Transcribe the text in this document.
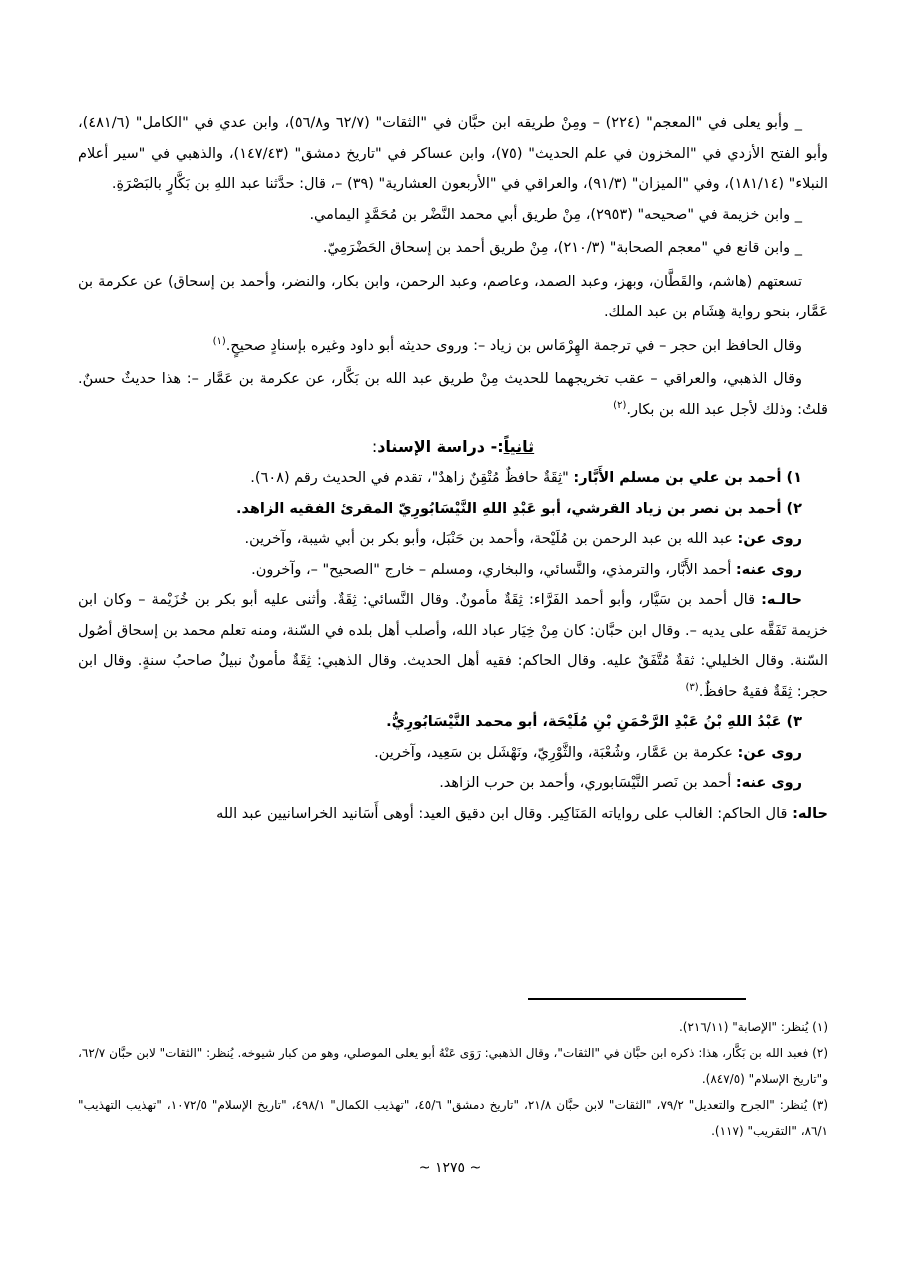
_ وأبو يعلى في "المعجم" (٢٢٤) – ومِنْ طريقه ابن حبَّان في "الثقات" (٦٢/٧ و٥٦/٨)، وابن عدي في "الكامل" (٤٨١/٦)، وأبو الفتح الأزدي في "المخزون في علم الحديث" (٧٥)، وابن عساكر في "تاريخ دمشق" (١٤٧/٤٣)، والذهبي في "سير أعلام النبلاء" (١٨١/١٤)، وفي "الميزان" (٩١/٣)، والعراقي في "الأربعون العشارية" (٣٩) –، قال: حدَّثنا عبد اللهِ بن بَكَّارٍ بالبَصْرَةِ.

_ وابن خزيمة في "صحيحه" (٢٩٥٣)، مِنْ طريق أبي محمد النَّضْر بن مُحَمَّدٍ اليمامي.

_ وابن قانع في "معجم الصحابة" (٢١٠/٣)، مِنْ طريق أحمد بن إسحاق الحَضْرَمِيّ.

تسعتهم (هاشم، والقَطَّان، وبهز، وعبد الصمد، وعاصم، وعبد الرحمن، وابن بكار، والنضر، وأحمد بن إسحاق) عن عكرمة بن عَمَّار، بنحو رواية هِشَام بن عبد الملك.

وقال الحافظ ابن حجر – في ترجمة الهِرْمَاس بن زياد –: وروى حديثه أبو داود وغيره بإسنادٍ صحيحٍ.$^{(١)}$

وقال الذهبي، والعراقي – عقب تخريجهما للحديث مِنْ طريق عبد الله بن بَكَّار، عن عكرمة بن عَمَّار –: هذا حديثٌ حسنٌ. قلتُ: وذلك لأجل عبد الله بن بكار.$^{(٢)}$

ثانياً:- دراسة الإسناد:

١) أحمد بن علي بن مسلم الأَبَّار: "ثِقَةٌ حافظٌ مُتْقِنٌ زاهدٌ"، تقدم في الحديث رقم (٦٠٨).

٢) أحمد بن نصر بن زياد القرشي، أبو عَبْدِ اللهِ النَّيْسَابُورِيّ المقرئ الفقيه الزاهد.

روى عن: عبد الله بن عبد الرحمن بن مُلَيْحة، وأحمد بن حَنْبَل، وأبو بكر بن أبي شيبة، وآخرين.

روى عنه: أحمد الأَبَّار، والترمذي، والنَّسائي، والبخاري، ومسلم – خارج "الصحيح" –، وآخرون.

حالـه: قال أحمد بن سَيَّار، وأبو أحمد الفَرَّاء: ثِقَةٌ مأمونٌ. وقال النَّسائي: ثِقَةٌ. وأثنى عليه أبو بكر بن خُزَيْمة – وكان ابن خزيمة تَفَقَّه على يديه –. وقال ابن حبَّان: كان مِنْ خِيَار عباد الله، وأصلب أهل بلده في السّنة، ومنه تعلم محمد بن إسحاق أصُول السّنة. وقال الخليلي: ثقةٌ مُتَّفَقٌ عليه. وقال الحاكم: فقيه أهل الحديث. وقال الذهبي: ثِقَةٌ مأمونٌ نبيلٌ صاحبُ سنةٍ. وقال ابن حجر: ثِقَةٌ فقيهٌ حافظٌ.$^{(٣)}$

٣) عَبْدُ اللهِ بْنُ عَبْدِ الرَّحْمَنِ بْنِ مُلَيْحَة، أبو محمد النَّيْسَابُورِيُّ.

روى عن: عكرمة بن عَمَّار، وشُعْبَة، والثَّوْرِيّ، ونَهْشَل بن سَعِيد، وآخرين.

روى عنه: أحمد بن نَصر النَّيْسَابوري، وأحمد بن حرب الزاهد.

حاله: قال الحاكم: الغالب على رواياته المَنَاكِير. وقال ابن دقيق العيد: أوهى أَسَانيد الخراسانيين عبد الله

(١) يُنظر: "الإصابة" (٢١٦/١١).

(٢) فعبد الله بن بَكَّار، هذا: ذكره ابن حبَّان في "الثقات"، وقال الذهبي: رَوَى عَنْهُ أبو يعلى الموصلي، وهو من كبار شيوخه. يُنظر: "الثقات" لابن حبَّان ٦٢/٧، و"تاريخ الإسلام" (٨٤٧/٥).

(٣) يُنظر: "الجرح والتعديل" ٧٩/٢، "الثقات" لابن حبَّان ٢١/٨، "تاريخ دمشق" ٤٥/٦، "تهذيب الكمال" ٤٩٨/١، "تاريخ الإسلام" ١٠٧٢/٥، "تهذيب التهذيب" ٨٦/١، "التقريب" (١١٧).

~ ١٢٧٥ ~
